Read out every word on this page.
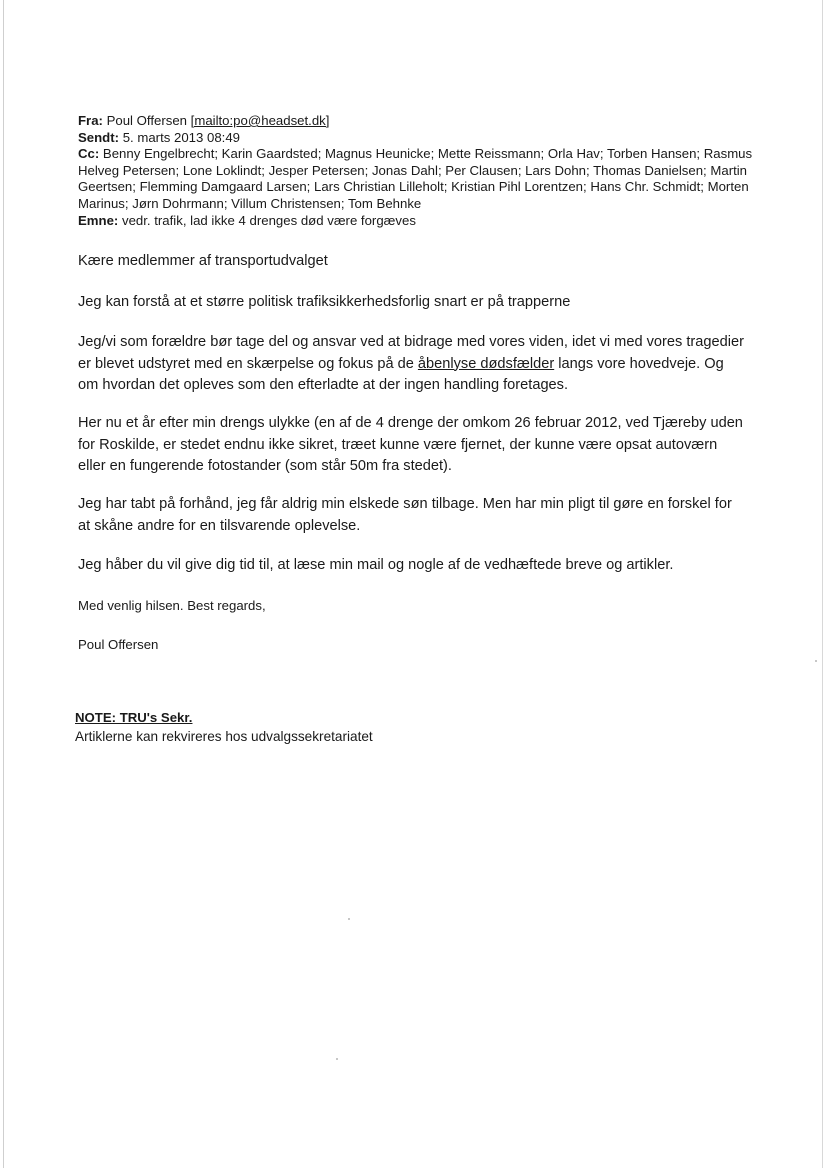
Fra: Poul Offersen [mailto:po@headset.dk]

Sendt: 5. marts 2013 08:49

Cc: Benny Engelbrecht; Karin Gaardsted; Magnus Heunicke; Mette Reissmann; Orla Hav; Torben Hansen; Rasmus Helveg Petersen; Lone Loklindt; Jesper Petersen; Jonas Dahl; Per Clausen; Lars Dohn; Thomas Danielsen; Martin Geertsen; Flemming Damgaard Larsen; Lars Christian Lilleholt; Kristian Pihl Lorentzen; Hans Chr. Schmidt; Morten Marinus; Jørn Dohrmann; Villum Christensen; Tom Behnke

Emne: vedr. trafik, lad ikke 4 drenges død være forgæves

Kære medlemmer af transportudvalget
Jeg kan forstå at et større politisk trafiksikkerhedsforlig snart er på trapperne
Jeg/vi som forældre bør tage del og ansvar ved at bidrage med vores viden, idet vi med vores tragedier er blevet udstyret med en skærpelse og fokus på de åbenlyse dødsfælder langs vore hovedveje. Og om hvordan det opleves som den efterladte at der ingen handling foretages.
Her nu et år efter min drengs ulykke (en af de 4 drenge der omkom 26 februar 2012, ved Tjæreby uden for Roskilde, er stedet endnu ikke sikret, træet kunne være fjernet, der kunne være opsat autoværn eller en fungerende fotostander (som står 50m fra stedet).
Jeg har tabt på forhånd, jeg får aldrig min elskede søn tilbage. Men har min pligt til gøre en forskel for at skåne andre for en tilsvarende oplevelse.
Jeg håber du vil give dig tid til, at læse min mail og nogle af de vedhæftede breve og artikler.
Med venlig hilsen. Best regards,
Poul Offersen
NOTE: TRU's Sekr.
Artiklerne kan rekvireres hos udvalgssekretariatet
